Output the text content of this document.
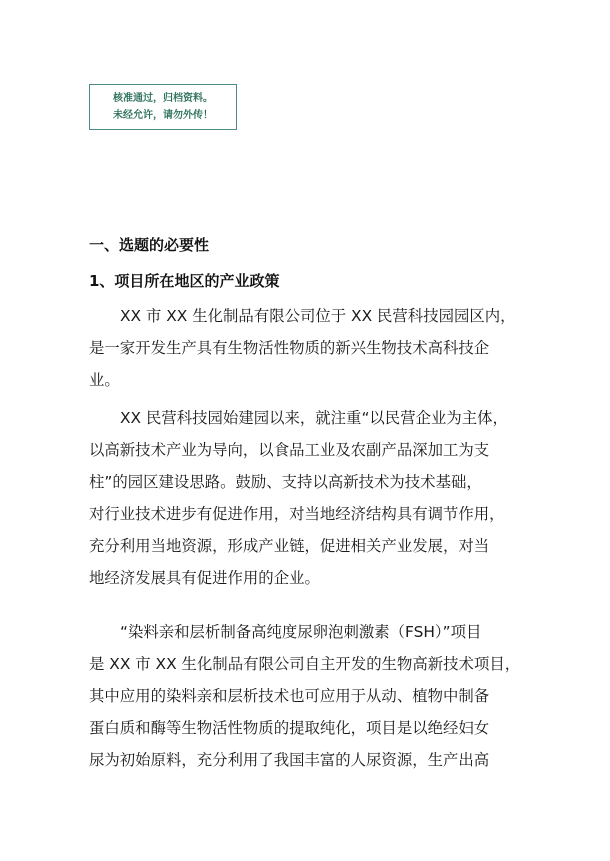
核准通过，归档资料。
未经允许，请勿外传！
一、选题的必要性
1、项目所在地区的产业政策
XX 市 XX 生化制品有限公司位于 XX 民营科技园园区内，
是一家开发生产具有生物活性物质的新兴生物技术高科技企
业。
XX 民营科技园始建园以来，就注重“以民营企业为主体，
以高新技术产业为导向，以食品工业及农副产品深加工为支
柱”的园区建设思路。鼓励、支持以高新技术为技术基础，
对行业技术进步有促进作用，对当地经济结构具有调节作用，
充分利用当地资源，形成产业链，促进相关产业发展，对当
地经济发展具有促进作用的企业。
“染料亲和层析制备高纯度尿卵泡刺激素（FSH）”项目
是 XX 市 XX 生化制品有限公司自主开发的生物高新技术项目，
其中应用的染料亲和层析技术也可应用于从动、植物中制备
蛋白质和酶等生物活性物质的提取纯化，项目是以绝经妇女
尿为初始原料，充分利用了我国丰富的人尿资源，生产出高
